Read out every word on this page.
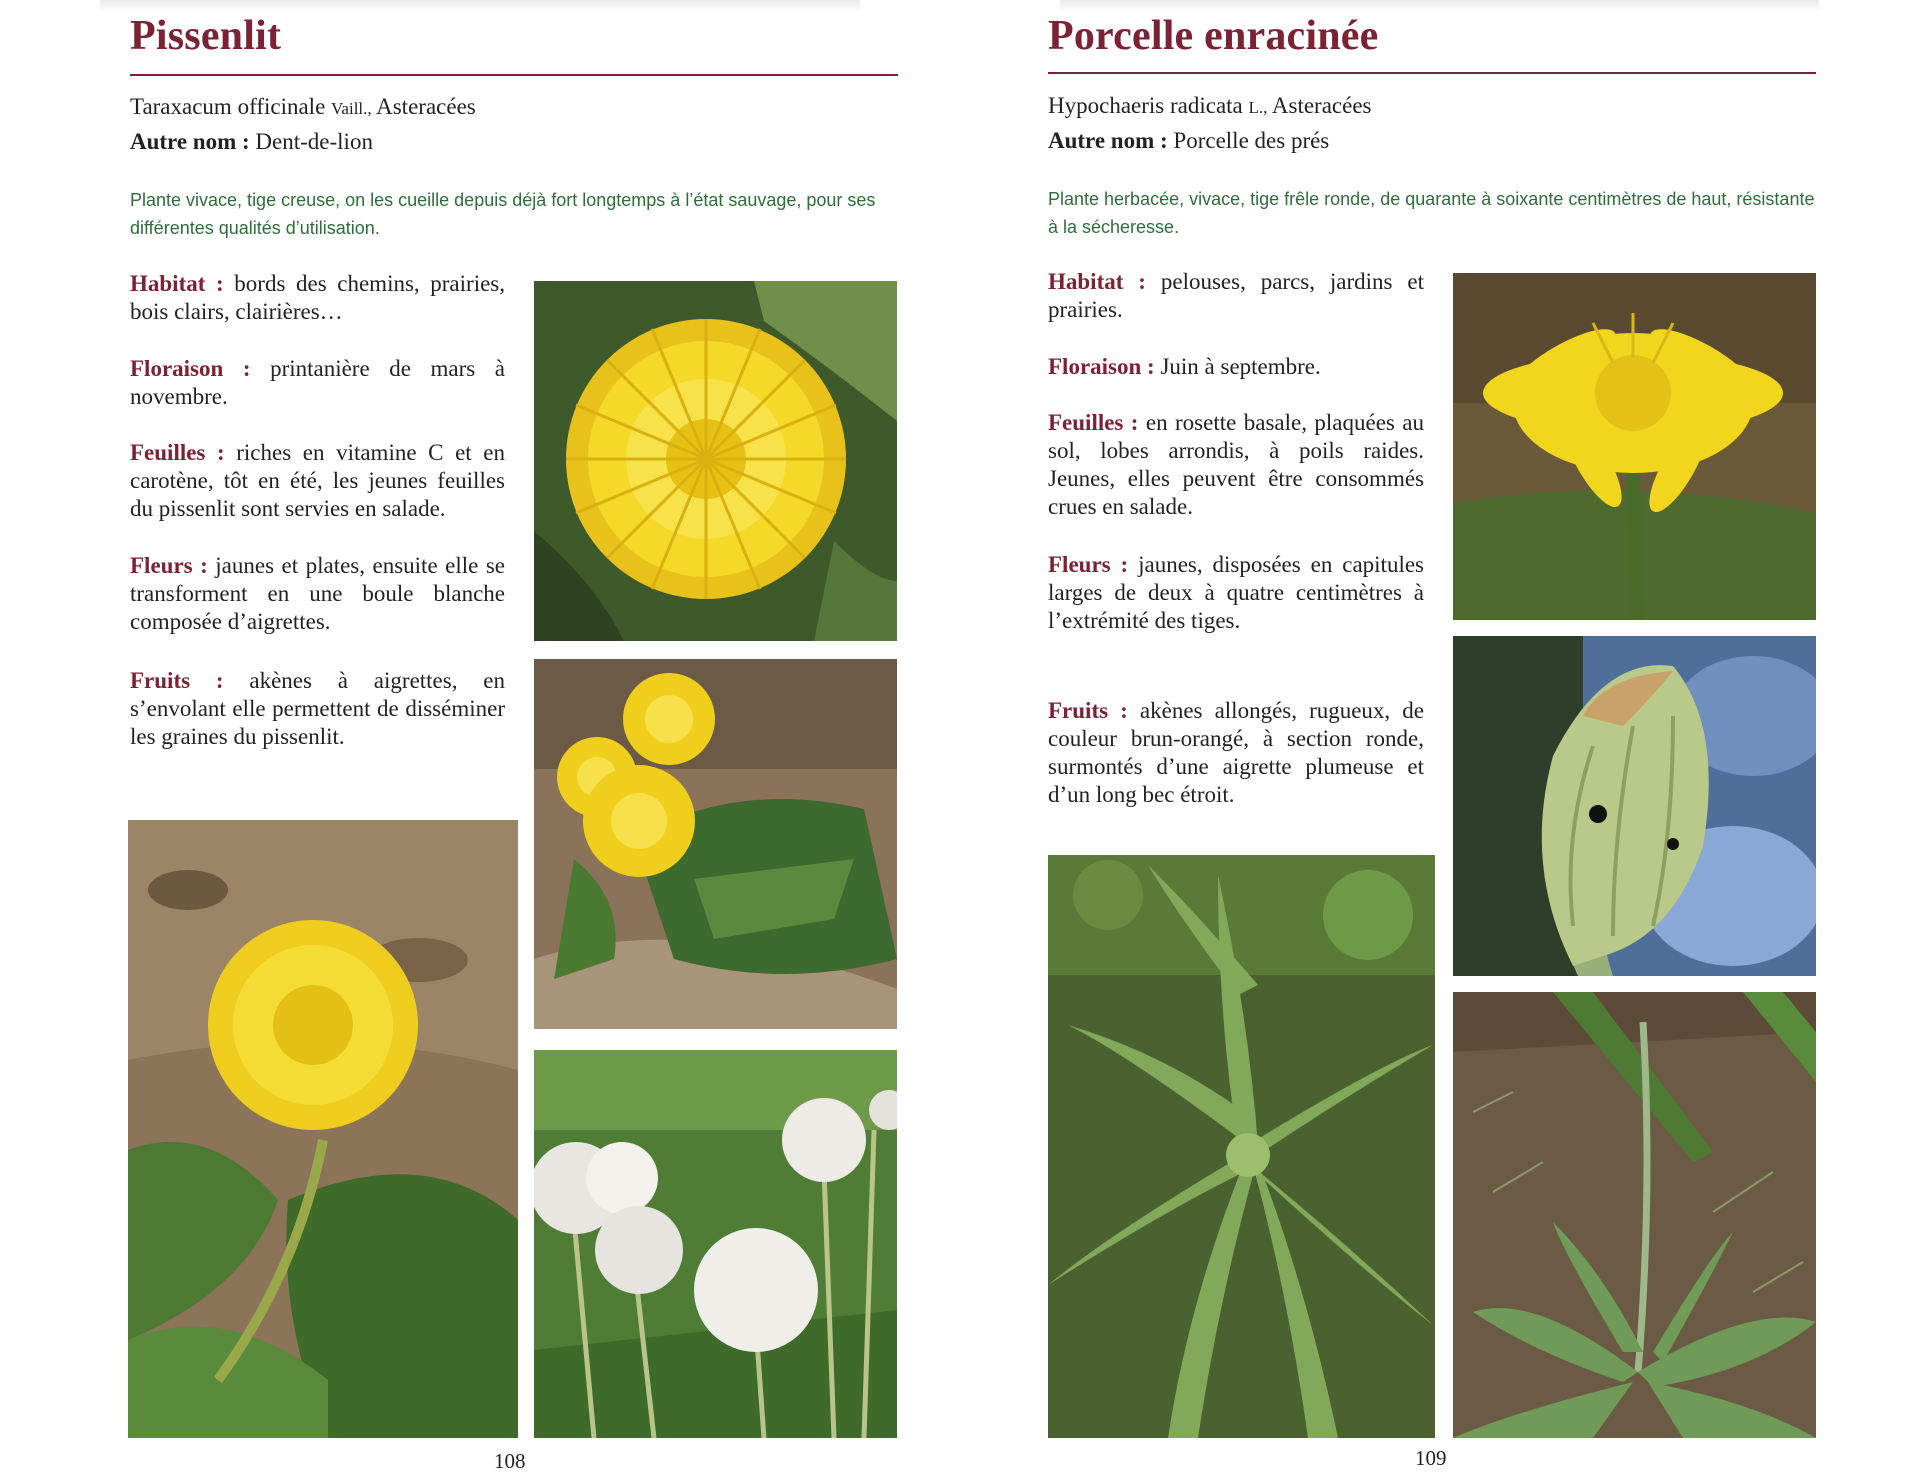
Pissenlit
Taraxacum officinale Vaill., Asteracées
Autre nom : Dent-de-lion
Plante vivace, tige creuse, on les cueille depuis déjà fort longtemps à l’état sauvage, pour ses différentes qualités d’utilisation.
Habitat : bords des chemins, prairies, bois clairs, clairières…
Floraison : printanière de mars à novembre.
Feuilles : riches en vitamine C et en carotène, tôt en été, les jeunes feuilles du pissenlit sont servies en salade.
Fleurs : jaunes et plates, ensuite elle se transforment en une boule blanche composée d’aigrettes.
Fruits : akènes à aigrettes, en s’envolant elle permettent de disséminer les graines du pissenlit.
108
Porcelle enracinée
Hypochaeris radicata L., Asteracées
Autre nom : Porcelle des prés
Plante herbacée, vivace, tige frêle ronde, de quarante à soixante centimètres de haut, résistante à la sécheresse.
Habitat : pelouses, parcs, jardins et prairies.
Floraison : Juin à septembre.
Feuilles : en rosette basale, plaquées au sol, lobes arrondis, à poils raides. Jeunes, elles peuvent être consommés crues en salade.
Fleurs : jaunes, disposées en capitules larges de deux à quatre centimètres à l’extrémité des tiges.
Fruits : akènes allongés, rugueux, de couleur brun-orangé, à section ronde, surmontés d’une aigrette plumeuse et d’un long bec étroit.
109
